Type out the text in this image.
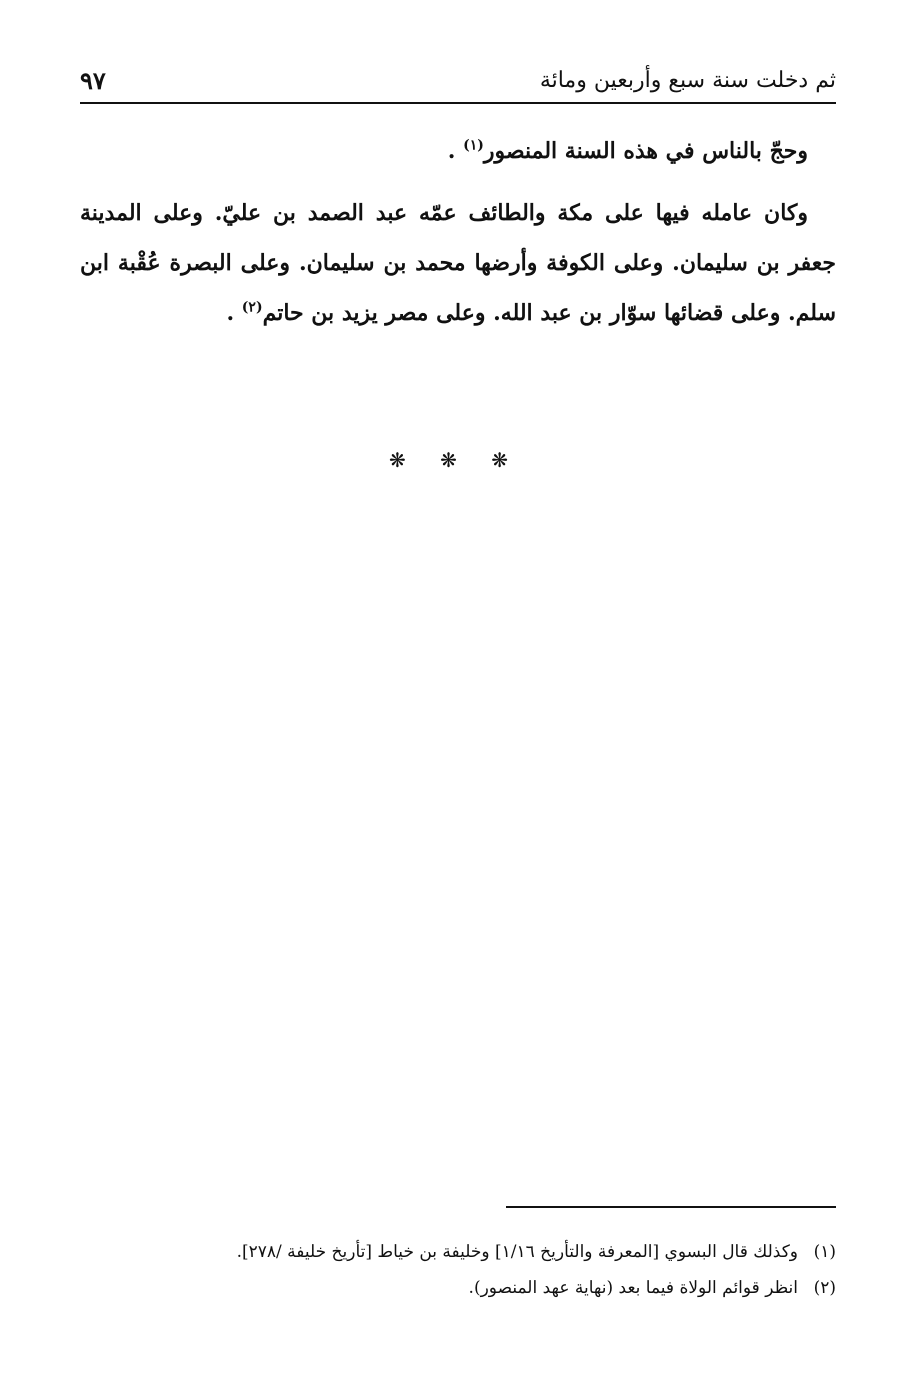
ثم دخلت سنة سبع وأربعين ومائة
٩٧

وحجّ بالناس في هذه السنة المنصور$^{(١)}$ .

وكان عامله فيها على مكة والطائف عمّه عبد الصمد بن عليّ. وعلى المدينة جعفر بن سليمان. وعلى الكوفة وأرضها محمد بن سليمان. وعلى البصرة عُقْبة ابن سلم. وعلى قضائها سوّار بن عبد الله. وعلى مصر يزيد بن حاتم$^{(٢)}$ .

❋ ❋ ❋
(١)
وكذلك قال البسوي [المعرفة والتأريخ ١/١٦] وخليفة بن خياط [تأريخ خليفة /٢٧٨].
(٢)
انظر قوائم الولاة فيما بعد (نهاية عهد المنصور).
